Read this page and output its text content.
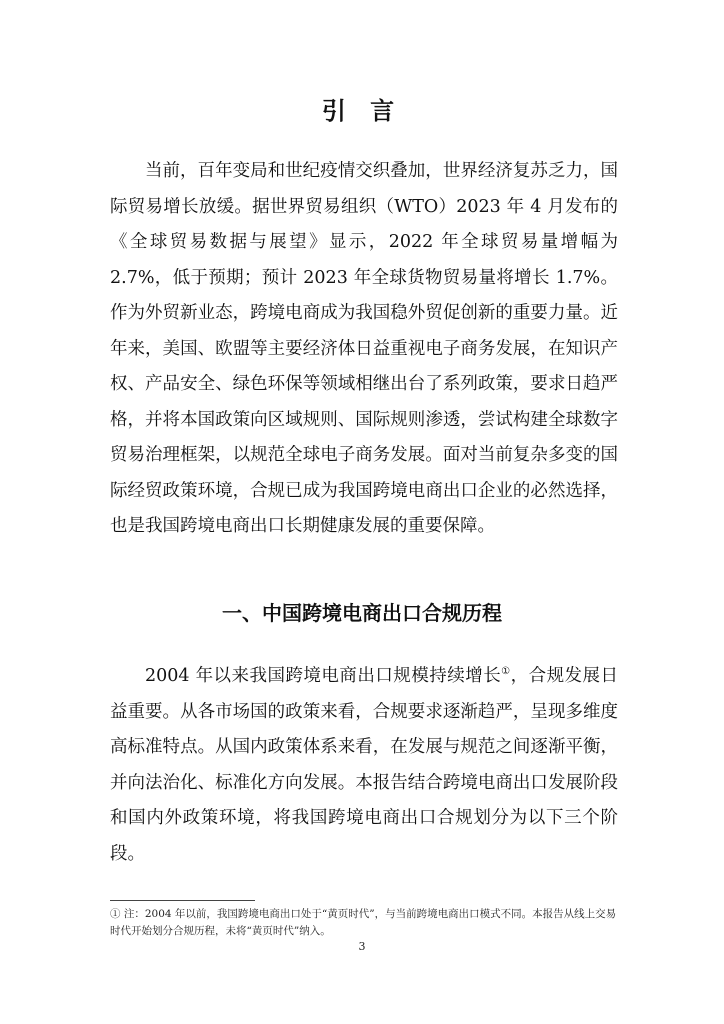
引 言

当前，百年变局和世纪疫情交织叠加，世界经济复苏乏力，国际贸易增长放缓。据世界贸易组织（WTO）2023 年 4 月发布的《全球贸易数据与展望》显示，2022 年全球贸易量增幅为 2.7%，低于预期；预计 2023 年全球货物贸易量将增长 1.7%。作为外贸新业态，跨境电商成为我国稳外贸促创新的重要力量。近年来，美国、欧盟等主要经济体日益重视电子商务发展，在知识产权、产品安全、绿色环保等领域相继出台了系列政策，要求日趋严格，并将本国政策向区域规则、国际规则渗透，尝试构建全球数字贸易治理框架，以规范全球电子商务发展。面对当前复杂多变的国际经贸政策环境，合规已成为我国跨境电商出口企业的必然选择，也是我国跨境电商出口长期健康发展的重要保障。

一、中国跨境电商出口合规历程

2004 年以来我国跨境电商出口规模持续增长①，合规发展日益重要。从各市场国的政策来看，合规要求逐渐趋严，呈现多维度高标准特点。从国内政策体系来看，在发展与规范之间逐渐平衡，并向法治化、标准化方向发展。本报告结合跨境电商出口发展阶段和国内外政策环境，将我国跨境电商出口合规划分为以下三个阶段。

① 注：2004 年以前，我国跨境电商出口处于“黄页时代”，与当前跨境电商出口模式不同。本报告从线上交易时代开始划分合规历程，未将“黄页时代”纳入。
3
